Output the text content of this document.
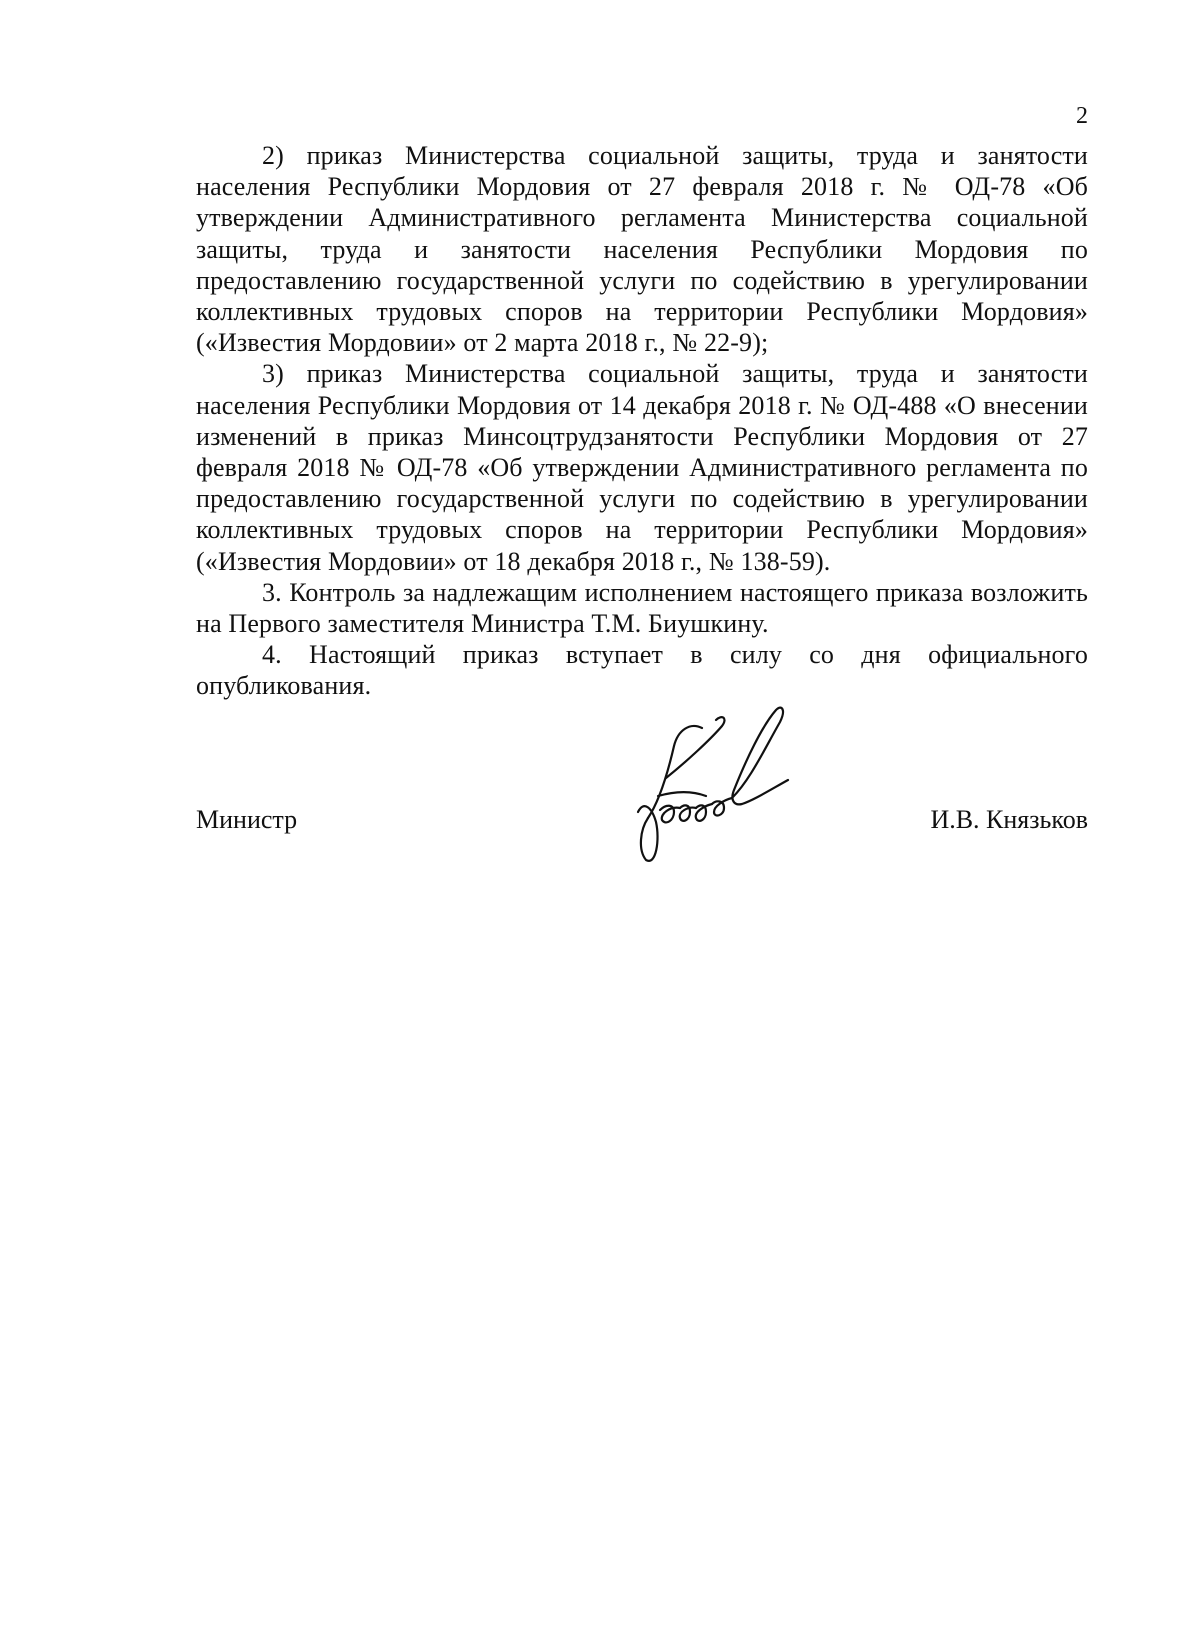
2

2) приказ Министерства социальной защиты, труда и занятости населения Республики Мордовия от 27 февраля 2018 г. № ОД-78 «Об утверждении Административного регламента Министерства социальной защиты, труда и занятости населения Республики Мордовия по предоставлению государственной услуги по содействию в урегулировании коллективных трудовых споров на территории Республики Мордовия» («Известия Мордовии» от 2 марта 2018 г., № 22-9);

3) приказ Министерства социальной защиты, труда и занятости населения Республики Мордовия от 14 декабря 2018 г. № ОД-488 «О внесении изменений в приказ Минсоцтрудзанятости Республики Мордовия от 27 февраля 2018 № ОД-78 «Об утверждении Административного регламента по предоставлению государственной услуги по содействию в урегулировании коллективных трудовых споров на территории Республики Мордовия» («Известия Мордовии» от 18 декабря 2018 г., № 138-59).

3. Контроль за надлежащим исполнением настоящего приказа возложить на Первого заместителя Министра Т.М. Биушкину.

4. Настоящий приказ вступает в силу со дня официального опубликования.

Министр	И.В. Князьков
